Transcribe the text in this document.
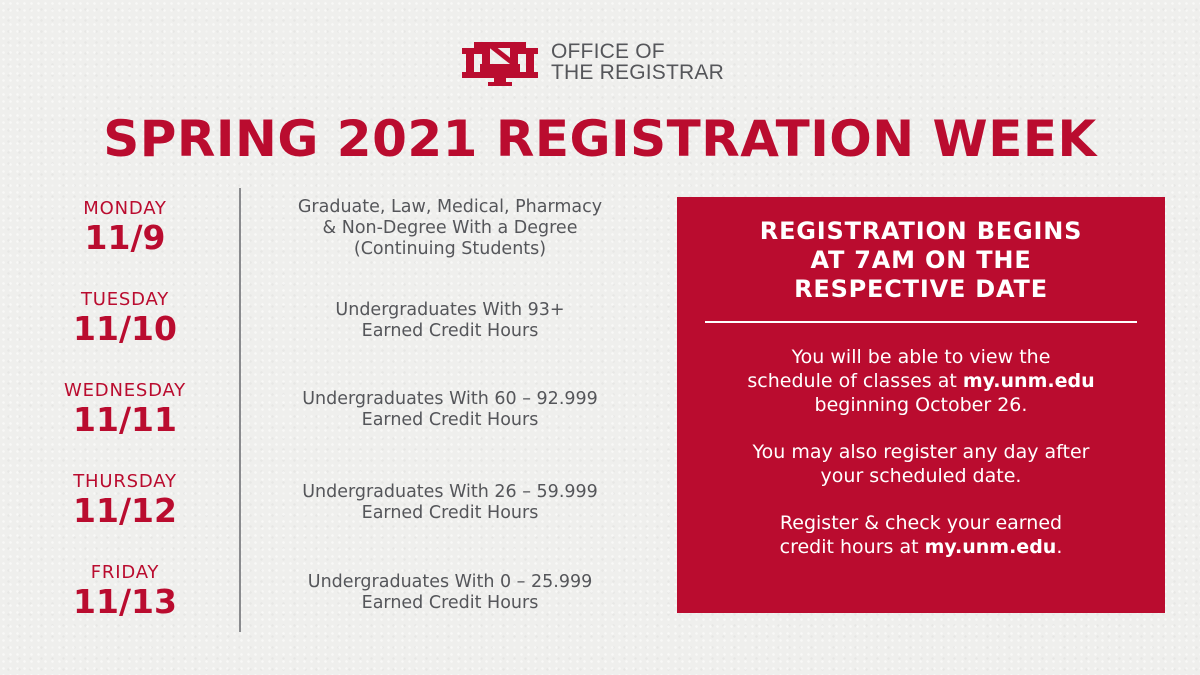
OFFICE OF
THE REGISTRAR
SPRING 2021 REGISTRATION WEEK
MONDAY
11/9
TUESDAY
11/10
WEDNESDAY
11/11
THURSDAY
11/12
FRIDAY
11/13
Graduate, Law, Medical, Pharmacy
& Non-Degree With a Degree
(Continuing Students)
Undergraduates With 93+
Earned Credit Hours
Undergraduates With 60 – 92.999
Earned Credit Hours
Undergraduates With 26 – 59.999
Earned Credit Hours
Undergraduates With 0 – 25.999
Earned Credit Hours
REGISTRATION BEGINS
AT 7AM ON THE
RESPECTIVE DATE
You will be able to view the
schedule of classes at my.unm.edu
beginning October 26.
You may also register any day after
your scheduled date.
Register & check your earned
credit hours at my.unm.edu.
